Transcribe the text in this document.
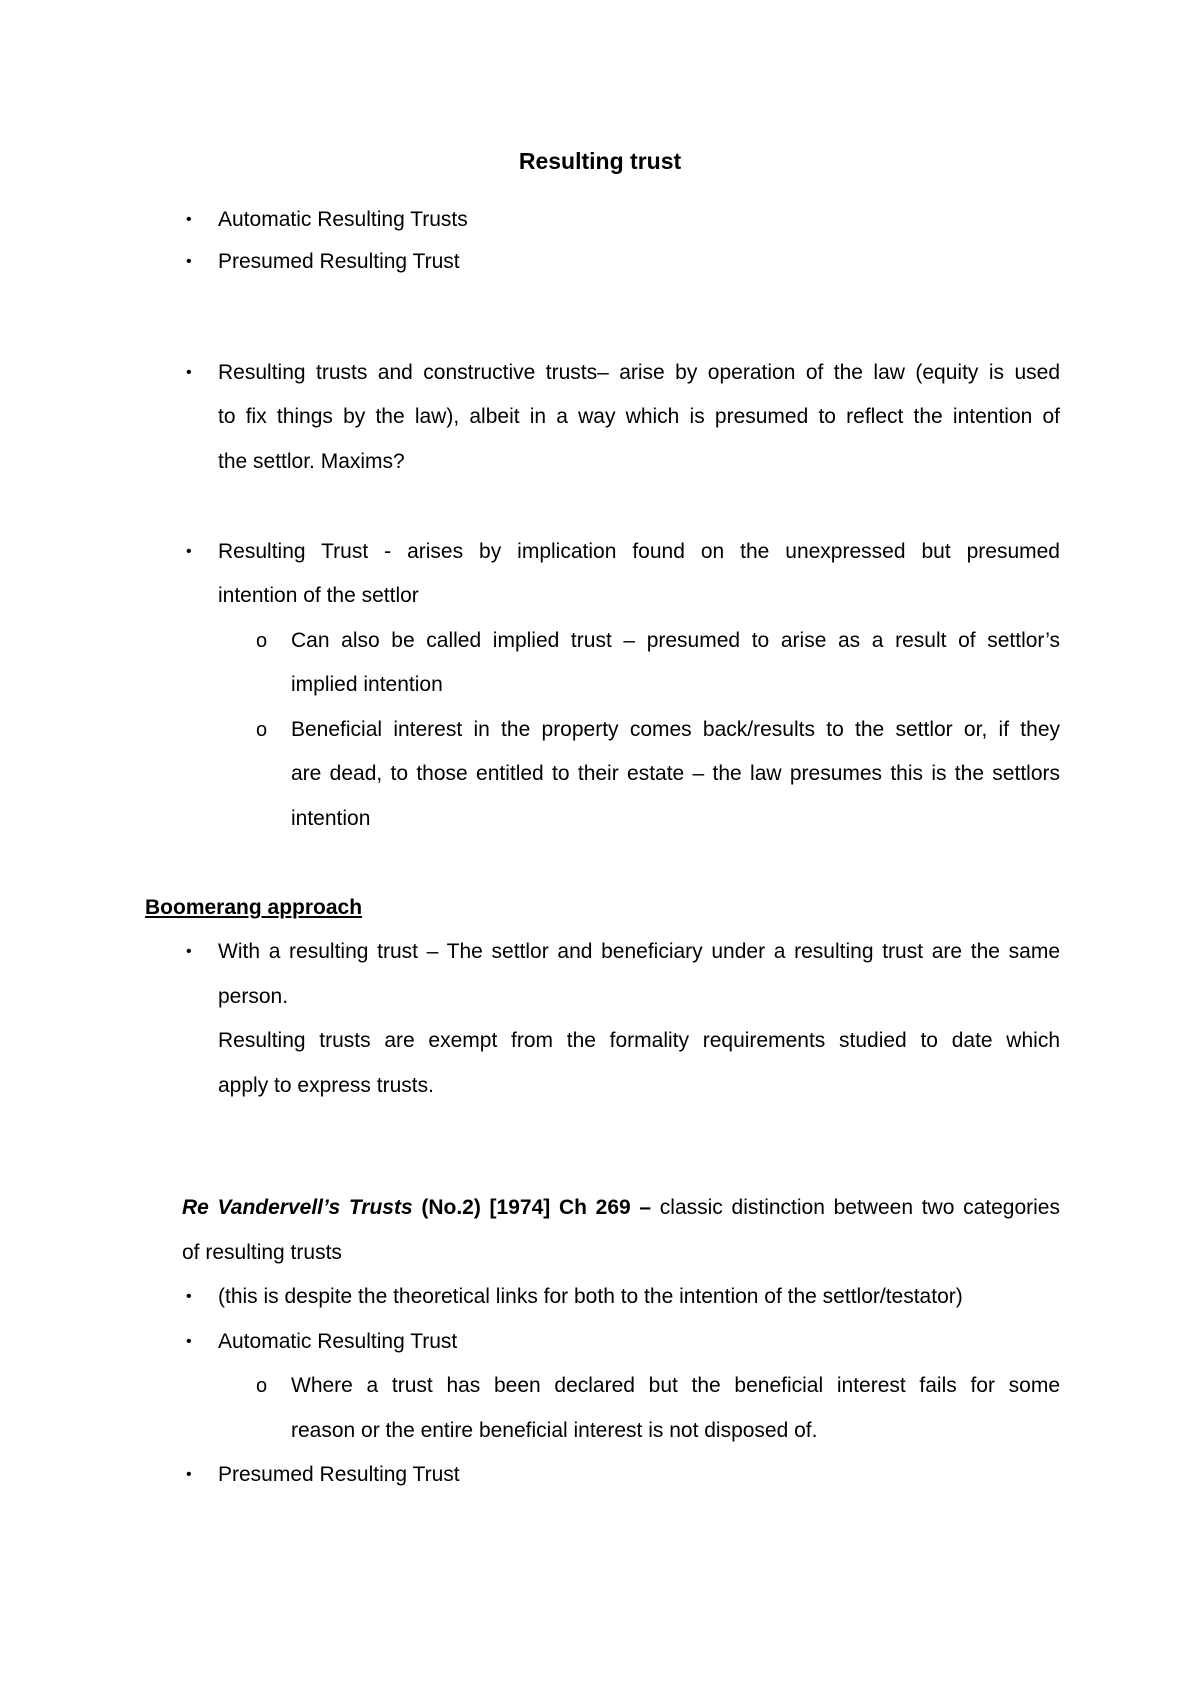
Resulting trust
• Automatic Resulting Trusts
• Presumed Resulting Trust
• Resulting trusts and constructive trusts– arise by operation of the law (equity is used
to fix things by the law), albeit in a way which is presumed to reflect the intention of
the settlor. Maxims?
• Resulting Trust - arises by implication found on the unexpressed but presumed
intention of the settlor
o Can also be called implied trust – presumed to arise as a result of settlor’s
implied intention
o Beneficial interest in the property comes back/results to the settlor or, if they
are dead, to those entitled to their estate – the law presumes this is the settlors
intention
Boomerang approach
• With a resulting trust – The settlor and beneficiary under a resulting trust are the same
person.
Resulting trusts are exempt from the formality requirements studied to date which
apply to express trusts.
Re Vandervell’s Trusts (No.2) [1974] Ch 269 – classic distinction between two categories
of resulting trusts
• (this is despite the theoretical links for both to the intention of the settlor/testator)
• Automatic Resulting Trust
o Where a trust has been declared but the beneficial interest fails for some
reason or the entire beneficial interest is not disposed of.
• Presumed Resulting Trust
